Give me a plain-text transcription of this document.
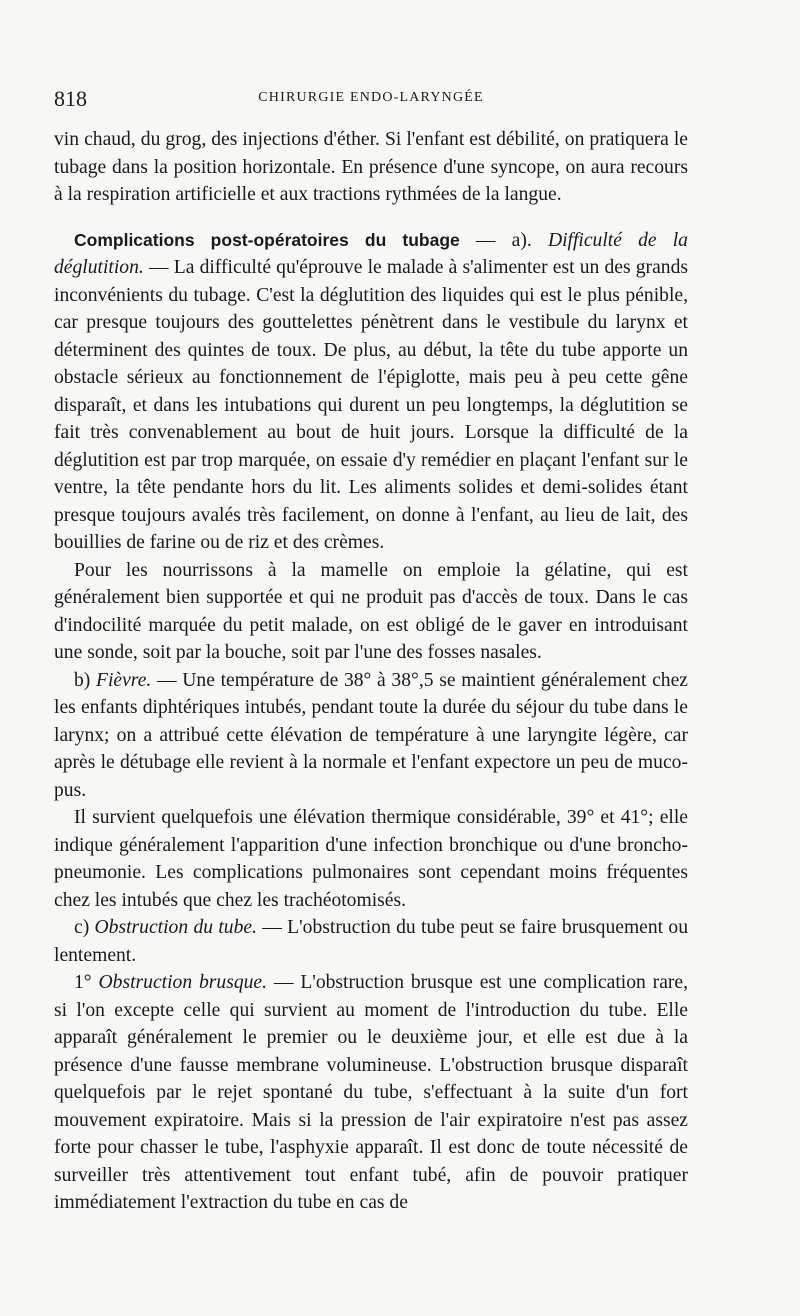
818	CHIRURGIE ENDO-LARYNGÉE

vin chaud, du grog, des injections d'éther. Si l'enfant est débilité, on pratiquera le tubage dans la position horizontale. En présence d'une syncope, on aura recours à la respiration artificielle et aux tractions rythmées de la langue.

Complications post-opératoires du tubage — a). Difficulté de la déglutition. — La difficulté qu'éprouve le malade à s'alimenter est un des grands inconvénients du tubage. C'est la déglutition des liquides qui est le plus pénible, car presque toujours des gouttelettes pénètrent dans le vestibule du larynx et déterminent des quintes de toux. De plus, au début, la tête du tube apporte un obstacle sérieux au fonctionnement de l'épiglotte, mais peu à peu cette gêne disparaît, et dans les intubations qui durent un peu longtemps, la déglutition se fait très convenablement au bout de huit jours. Lorsque la difficulté de la déglutition est par trop marquée, on essaie d'y remédier en plaçant l'enfant sur le ventre, la tête pendante hors du lit. Les aliments solides et demi-solides étant presque toujours avalés très facilement, on donne à l'enfant, au lieu de lait, des bouillies de farine ou de riz et des crèmes.

Pour les nourrissons à la mamelle on emploie la gélatine, qui est généralement bien supportée et qui ne produit pas d'accès de toux. Dans le cas d'indocilité marquée du petit malade, on est obligé de le gaver en introduisant une sonde, soit par la bouche, soit par l'une des fosses nasales.

b) Fièvre. — Une température de 38° à 38°,5 se maintient généralement chez les enfants diphtériques intubés, pendant toute la durée du séjour du tube dans le larynx; on a attribué cette élévation de température à une laryngite légère, car après le détubage elle revient à la normale et l'enfant expectore un peu de muco-pus.

Il survient quelquefois une élévation thermique considérable, 39° et 41°; elle indique généralement l'apparition d'une infection bronchique ou d'une broncho-pneumonie. Les complications pulmonaires sont cependant moins fréquentes chez les intubés que chez les trachéotomisés.

c) Obstruction du tube. — L'obstruction du tube peut se faire brusquement ou lentement.

1° Obstruction brusque. — L'obstruction brusque est une complication rare, si l'on excepte celle qui survient au moment de l'introduction du tube. Elle apparaît généralement le premier ou le deuxième jour, et elle est due à la présence d'une fausse membrane volumineuse. L'obstruction brusque disparaît quelquefois par le rejet spontané du tube, s'effectuant à la suite d'un fort mouvement expiratoire. Mais si la pression de l'air expiratoire n'est pas assez forte pour chasser le tube, l'asphyxie apparaît. Il est donc de toute nécessité de surveiller très attentivement tout enfant tubé, afin de pouvoir pratiquer immédiatement l'extraction du tube en cas de
